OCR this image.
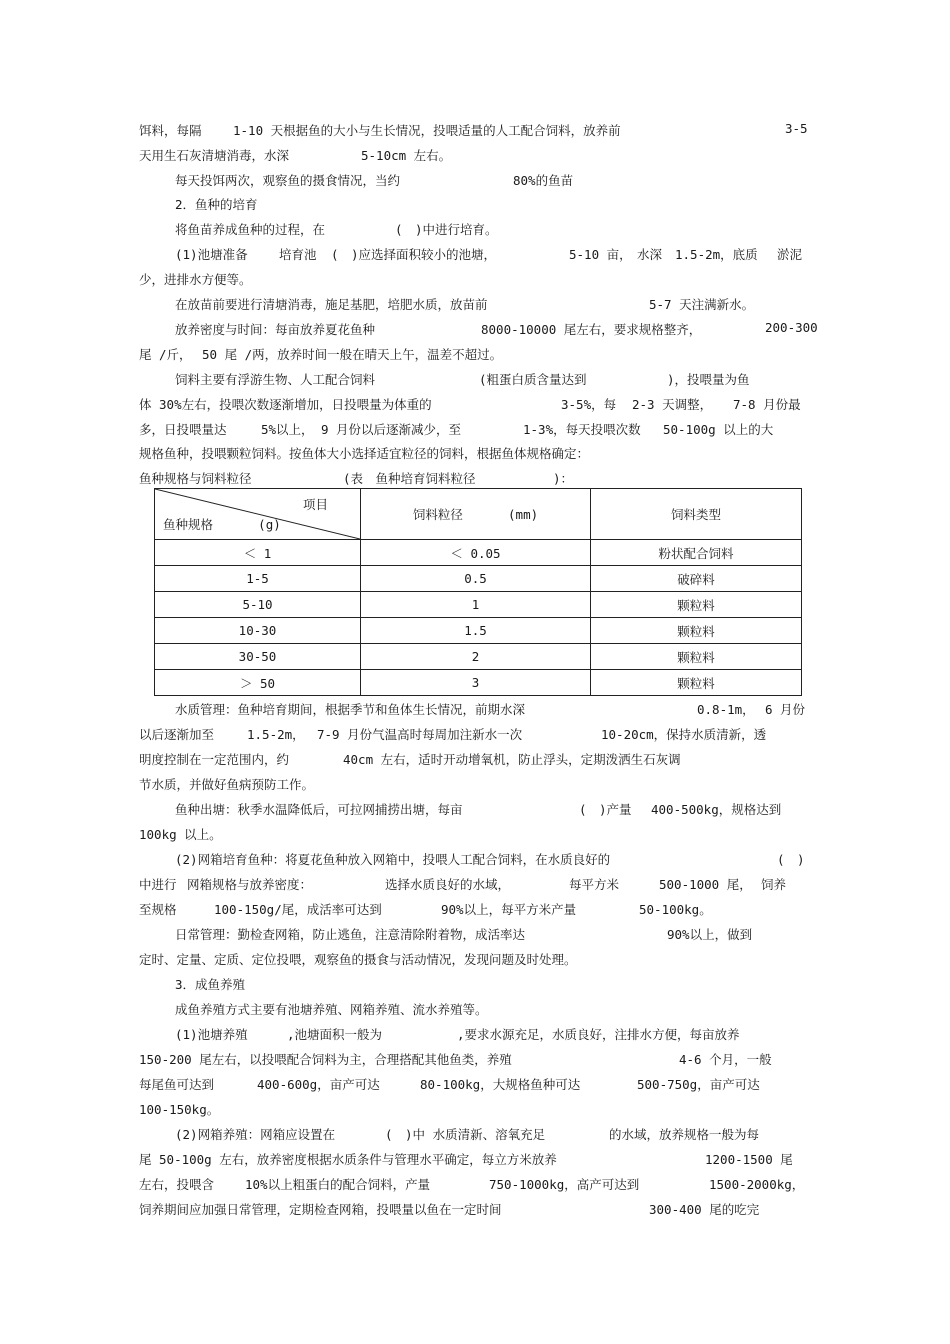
饵料，每隔	1-10 天根据鱼的大小与生长情况，投喂适量的人工配合饲料，放养前	3-5
天用生石灰清塘消毒，水深	5-10cm 左右。
每天投饵两次，观察鱼的摄食情况，当约	80%的鱼苗
2．鱼种的培育
将鱼苗养成鱼种的过程，在	(　)中进行培育。
(1)池塘准备	培育池 (　)应选择面积较小的池塘，	5-10 亩， 水深 1.5-2m，底质 淤泥
少，进排水方便等。
在放苗前要进行清塘消毒，施足基肥，培肥水质，放苗前	5-7 天注满新水。
放养密度与时间：每亩放养夏花鱼种	8000-10000 尾左右，要求规格整齐，	200-300
尾 /斤， 50 尾 /两，放养时间一般在晴天上午，温差不超过。
饲料主要有浮游生物、人工配合饲料	(粗蛋白质含量达到	)，投喂量为鱼
体 30%左右，投喂次数逐渐增加，日投喂量为体重的	3-5%，每 2-3 天调整， 7-8 月份最
多，日投喂量达	5%以上， 9 月份以后逐渐减少，至	1-3%，每天投喂次数 50-100g 以上的大
规格鱼种，投喂颗粒饲料。按鱼体大小选择适宜粒径的饲料，根据鱼体规格确定：
鱼种规格与饲料粒径	(表　鱼种培育饲料粒径	)：
项目
鱼种规格 (g)	饲料粒径 (mm)	饲料类型
＜ 1	＜ 0.05	粉状配合饲料
1-5	0.5	破碎料
5-10	1	颗粒料
10-30	1.5	颗粒料
30-50	2	颗粒料
＞ 50	3	颗粒料
水质管理：鱼种培育期间，根据季节和鱼体生长情况，前期水深	0.8-1m， 6 月份
以后逐渐加至	1.5-2m， 7-9 月份气温高时每周加注新水一次	10-20cm，保持水质清新，透
明度控制在一定范围内，约	40cm 左右，适时开动增氧机，防止浮头，定期泼洒生石灰调
节水质，并做好鱼病预防工作。
鱼种出塘：秋季水温降低后，可拉网捕捞出塘，每亩	(　)产量 400-500kg，规格达到
100kg 以上。
(2)网箱培育鱼种：将夏花鱼种放入网箱中，投喂人工配合饲料，在水质良好的	(　)
中进行 网箱规格与放养密度：	选择水质良好的水域，	每平方米	500-1000 尾， 饲养
至规格	100-150g/尾，成活率可达到	90%以上，每平方米产量	50-100kg。
日常管理：勤检查网箱，防止逃鱼，注意清除附着物，成活率达	90%以上，做到
定时、定量、定质、定位投喂，观察鱼的摄食与活动情况，发现问题及时处理。
3．成鱼养殖
成鱼养殖方式主要有池塘养殖、网箱养殖、流水养殖等。
(1)池塘养殖	,池塘面积一般为	,要求水源充足，水质良好，注排水方便，每亩放养
150-200 尾左右，以投喂配合饲料为主，合理搭配其他鱼类，养殖	4-6 个月，一般
每尾鱼可达到	400-600g，亩产可达	80-100kg，大规格鱼种可达	500-750g，亩产可达
100-150kg。
(2)网箱养殖：网箱应设置在	(　)中 水质清新、溶氧充足	的水域，放养规格一般为每
尾 50-100g 左右，放养密度根据水质条件与管理水平确定，每立方米放养	1200-1500 尾
左右，投喂含 10%以上粗蛋白的配合饲料，产量	750-1000kg，高产可达到	1500-2000kg，
饲养期间应加强日常管理，定期检查网箱，投喂量以鱼在一定时间	300-400 尾的吃完
